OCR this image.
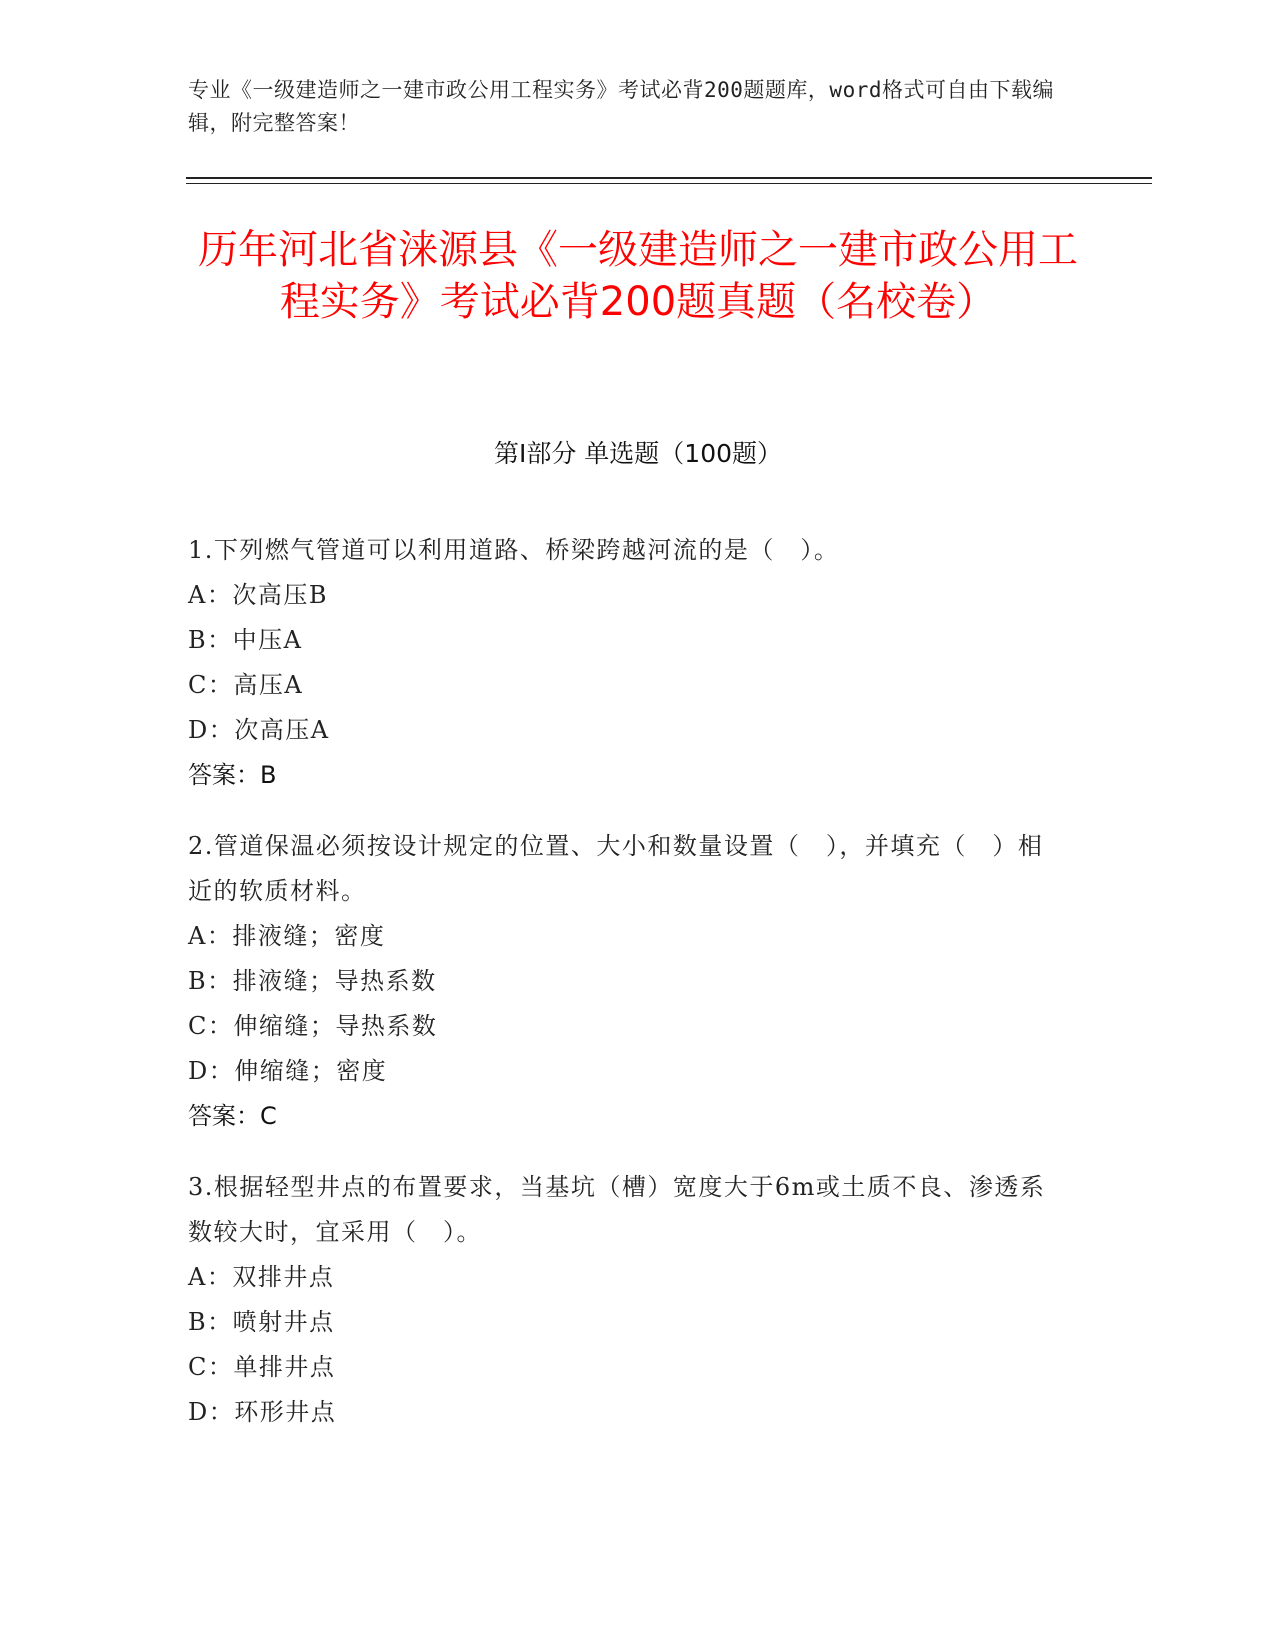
专业《一级建造师之一建市政公用工程实务》考试必背200题题库，word格式可自由下载编辑，附完整答案！
历年河北省涞源县《一级建造师之一建市政公用工程实务》考试必背200题真题（名校卷）
第Ⅰ部分 单选题（100题）
1.下列燃气管道可以利用道路、桥梁跨越河流的是（　）。
A：次高压B
B：中压A
C：高压A
D：次高压A
答案：B
2.管道保温必须按设计规定的位置、大小和数量设置（　），并填充（　）相近的软质材料。
A：排液缝；密度
B：排液缝；导热系数
C：伸缩缝；导热系数
D：伸缩缝；密度
答案：C
3.根据轻型井点的布置要求，当基坑（槽）宽度大于6m或土质不良、渗透系数较大时，宜采用（　）。
A：双排井点
B：喷射井点
C：单排井点
D：环形井点
